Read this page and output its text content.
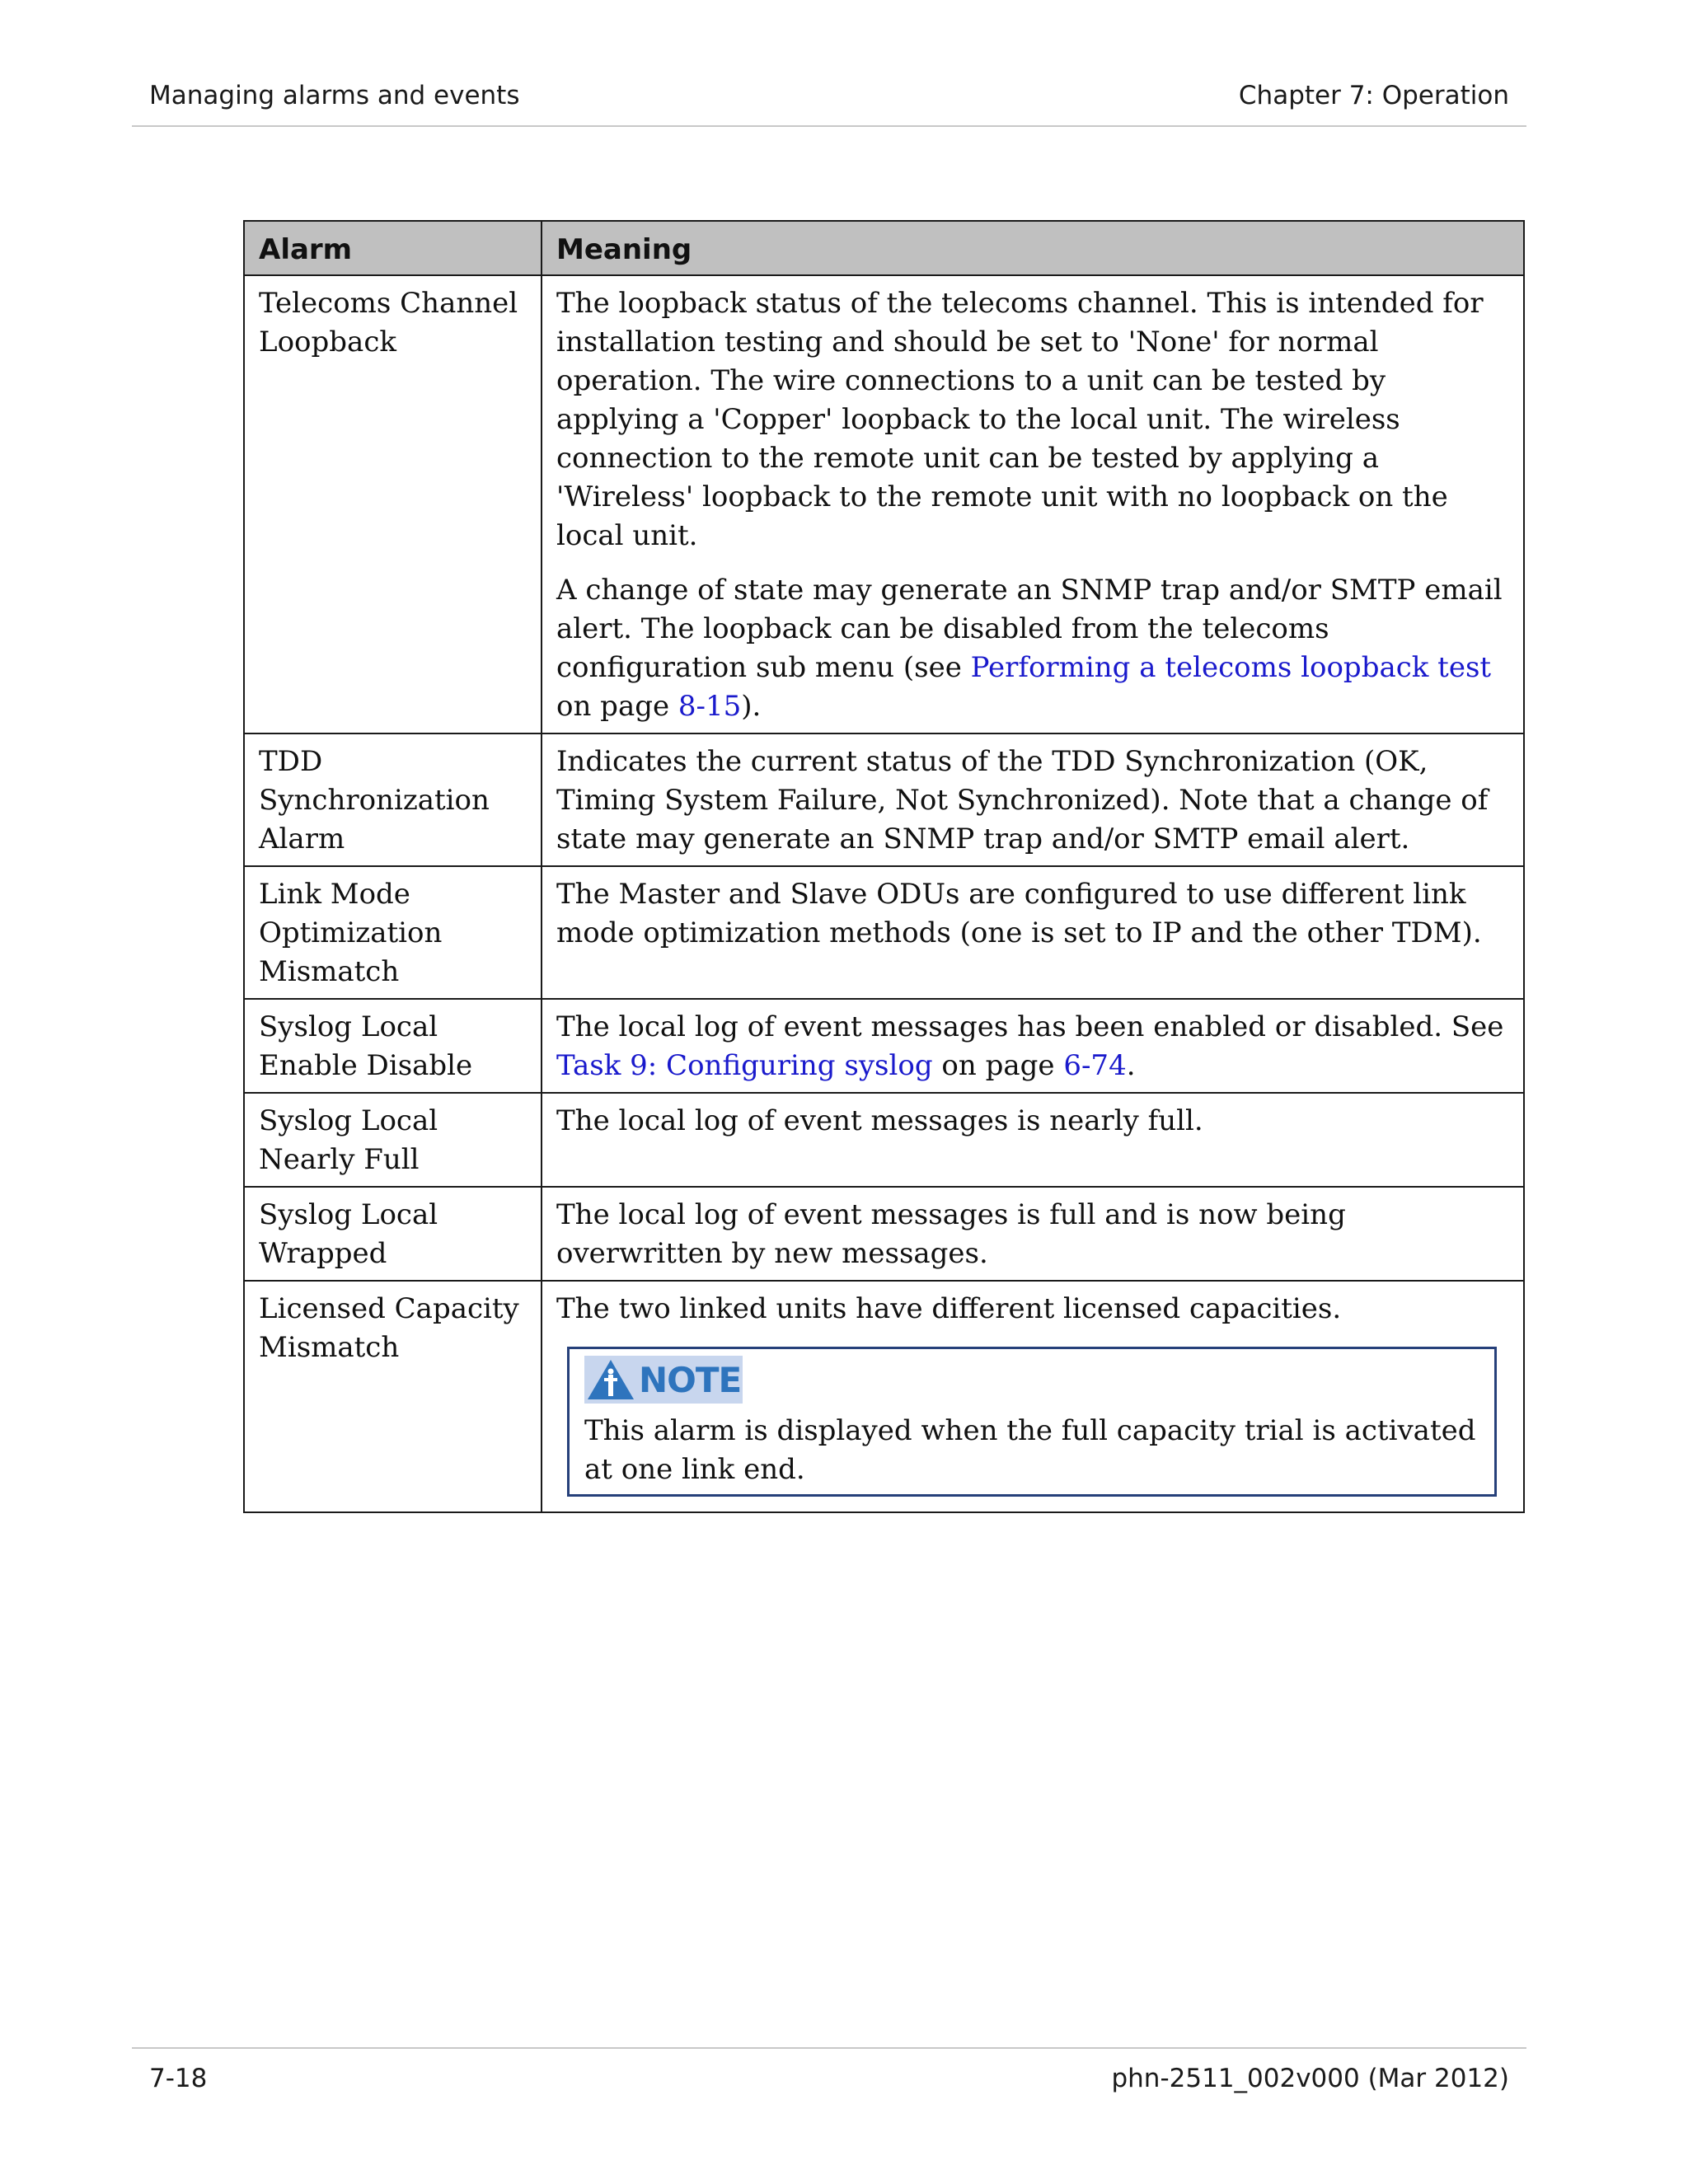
Managing alarms and events	Chapter 7: Operation
Alarm	Meaning
Telecoms Channel Loopback	The loopback status of the telecoms channel. This is intended for installation testing and should be set to 'None' for normal operation. The wire connections to a unit can be tested by applying a 'Copper' loopback to the local unit. The wireless connection to the remote unit can be tested by applying a 'Wireless' loopback to the remote unit with no loopback on the local unit.

A change of state may generate an SNMP trap and/or SMTP email alert. The loopback can be disabled from the telecoms configuration sub menu (see Performing a telecoms loopback test on page 8-15).

TDD Synchronization Alarm	Indicates the current status of the TDD Synchronization (OK, Timing System Failure, Not Synchronized). Note that a change of state may generate an SNMP trap and/or SMTP email alert.
Link Mode Optimization Mismatch	The Master and Slave ODUs are configured to use different link mode optimization methods (one is set to IP and the other TDM).
Syslog Local Enable Disable	The local log of event messages has been enabled or disabled. See Task 9: Configuring syslog on page 6-74.
Syslog Local Nearly Full	The local log of event messages is nearly full.
Syslog Local Wrapped	The local log of event messages is full and is now being overwritten by new messages.
Licensed Capacity Mismatch	The two linked units have different licensed capacities.

NOTE
This alarm is displayed when the full capacity trial is activated at one link end.
7-18	phn-2511_002v000 (Mar 2012)
